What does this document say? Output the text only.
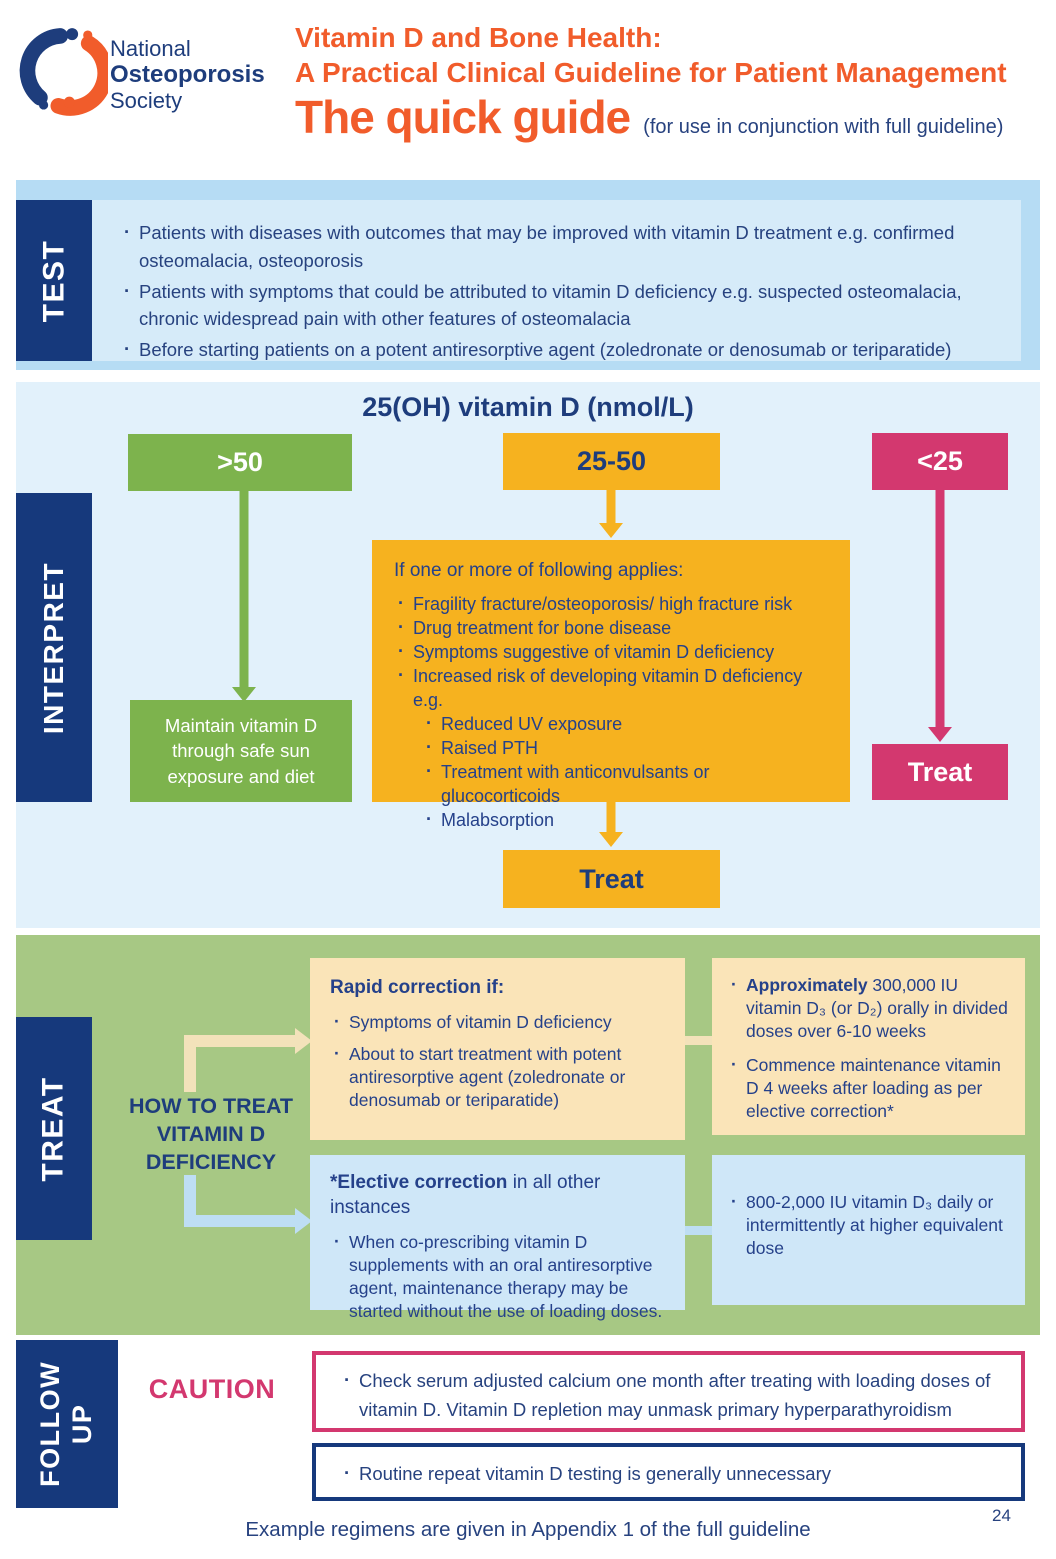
National
Osteoporosis
Society
Vitamin D and Bone Health:
A Practical Clinical Guideline for Patient Management
The quick guide (for use in conjunction with full guideline)
TEST
· Patients with diseases with outcomes that may be improved with vitamin D treatment e.g. confirmed osteomalacia, osteoporosis
· Patients with symptoms that could be attributed to vitamin D deficiency e.g. suspected osteomalacia, chronic widespread pain with other features of osteomalacia
· Before starting patients on a potent antiresorptive agent (zoledronate or denosumab or teriparatide)
25(OH) vitamin D (nmol/L)
INTERPRET
>50
Maintain vitamin D through safe sun exposure and diet
25-50
If one or more of following applies:
· Fragility fracture/osteoporosis/ high fracture risk
· Drug treatment for bone disease
· Symptoms suggestive of vitamin D deficiency
· Increased risk of developing vitamin D deficiency e.g.
· Reduced UV exposure
· Raised PTH
· Treatment with anticonvulsants or glucocorticoids
· Malabsorption
Treat
<25
Treat
TREAT	HOW TO TREAT VITAMIN D DEFICIENCY
Rapid correction if:
· Symptoms of vitamin D deficiency
· About to start treatment with potent antiresorptive agent (zoledronate or denosumab or teriparatide)
· Approximately 300,000 IU vitamin D₃ (or D₂) orally in divided doses over 6-10 weeks
· Commence maintenance vitamin D 4 weeks after loading as per elective correction*
*Elective correction in all other instances
· When co-prescribing vitamin D supplements with an oral antiresorptive agent, maintenance therapy may be started without the use of loading doses.
· 800-2,000 IU vitamin D₃ daily or intermittently at higher equivalent dose
FOLLOW UP
CAUTION	· Check serum adjusted calcium one month after treating with loading doses of vitamin D. Vitamin D repletion may unmask primary hyperparathyroidism
· Routine repeat vitamin D testing is generally unnecessary
Example regimens are given in Appendix 1 of the full guideline
24
